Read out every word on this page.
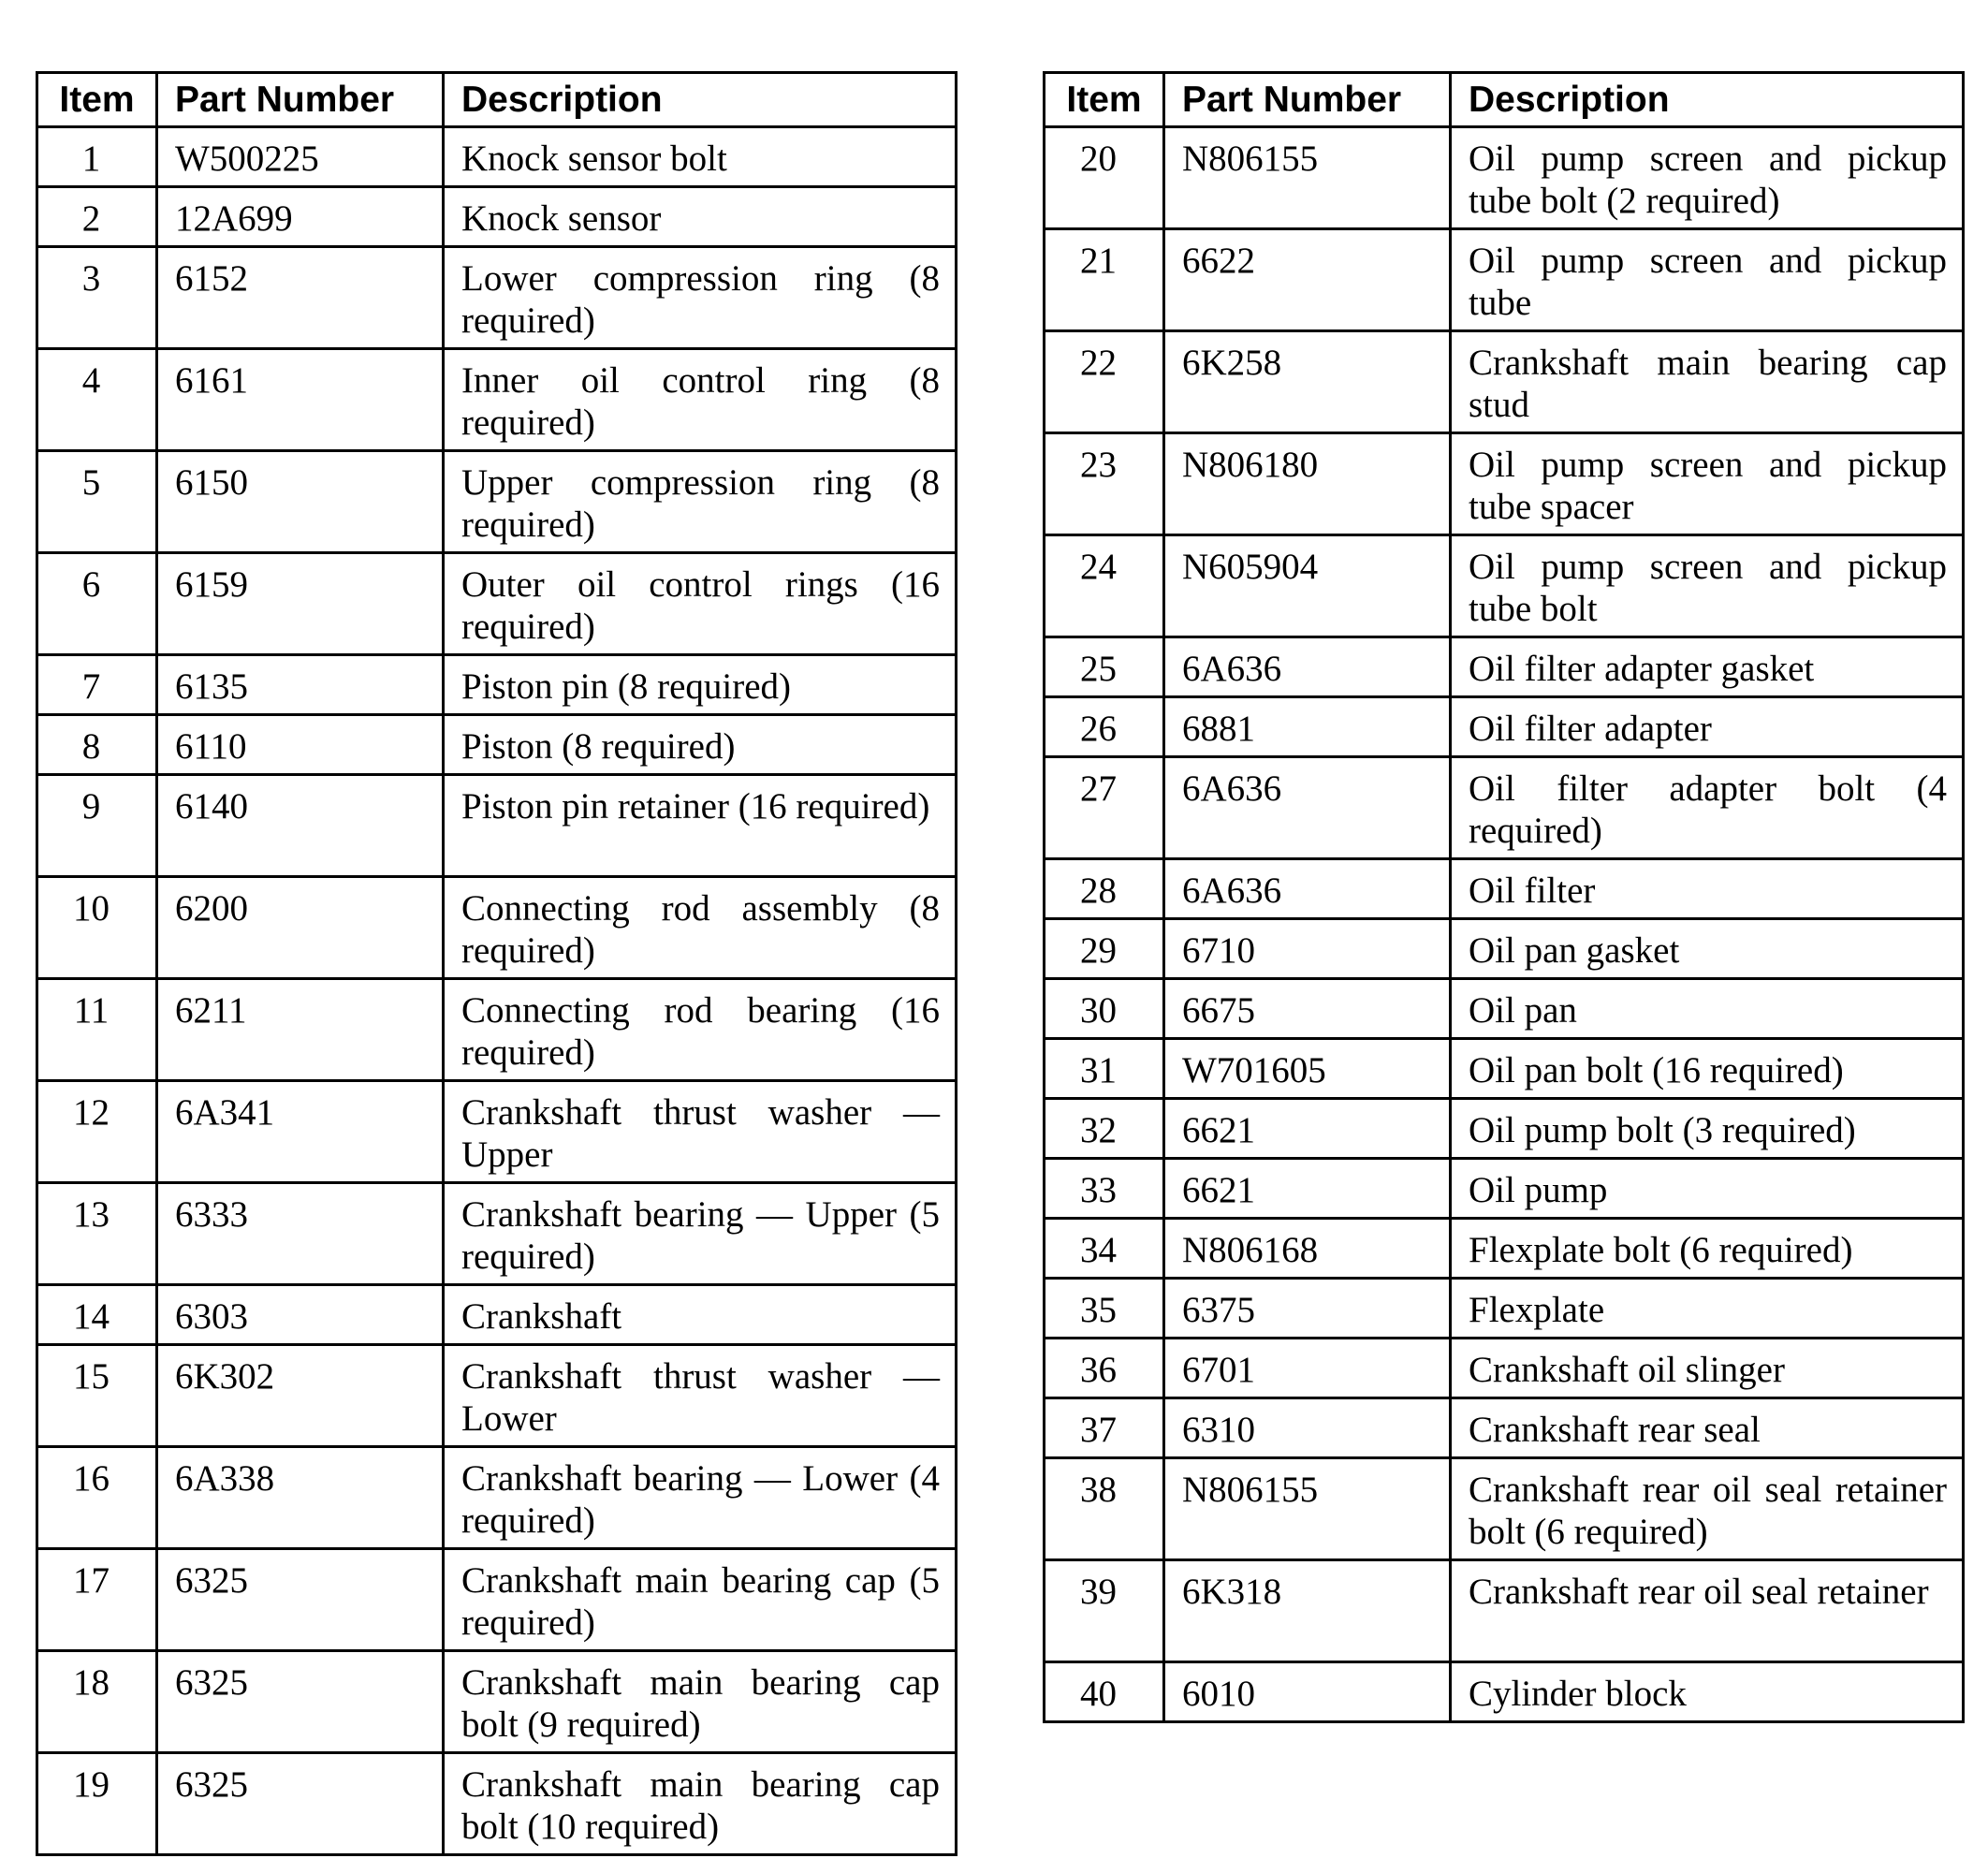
Item	Part Number	Description
1	W500225	Knock sensor bolt
2	12A699	Knock sensor
3	6152	Lower compression ring (8 required)
4	6161	Inner oil control ring (8 required)
5	6150	Upper compression ring (8 required)
6	6159	Outer oil control rings (16 required)
7	6135	Piston pin (8 required)
8	6110	Piston (8 required)
9	6140	Piston pin retainer (16 required)
10	6200	Connecting rod assembly (8 required)
11	6211	Connecting rod bearing (16 required)
12	6A341	Crankshaft thrust washer — Upper
13	6333	Crankshaft bearing — Upper (5 required)
14	6303	Crankshaft
15	6K302	Crankshaft thrust washer — Lower
16	6A338	Crankshaft bearing — Lower (4 required)
17	6325	Crankshaft main bearing cap (5 required)
18	6325	Crankshaft main bearing cap bolt (9 required)
19	6325	Crankshaft main bearing cap bolt (10 required)
Item	Part Number	Description
20	N806155	Oil pump screen and pickup tube bolt (2 required)
21	6622	Oil pump screen and pickup tube
22	6K258	Crankshaft main bearing cap stud
23	N806180	Oil pump screen and pickup tube spacer
24	N605904	Oil pump screen and pickup tube bolt
25	6A636	Oil filter adapter gasket
26	6881	Oil filter adapter
27	6A636	Oil filter adapter bolt (4 required)
28	6A636	Oil filter
29	6710	Oil pan gasket
30	6675	Oil pan
31	W701605	Oil pan bolt (16 required)
32	6621	Oil pump bolt (3 required)
33	6621	Oil pump
34	N806168	Flexplate bolt (6 required)
35	6375	Flexplate
36	6701	Crankshaft oil slinger
37	6310	Crankshaft rear seal
38	N806155	Crankshaft rear oil seal retainer bolt (6 required)
39	6K318	Crankshaft rear oil seal retainer
40	6010	Cylinder block
